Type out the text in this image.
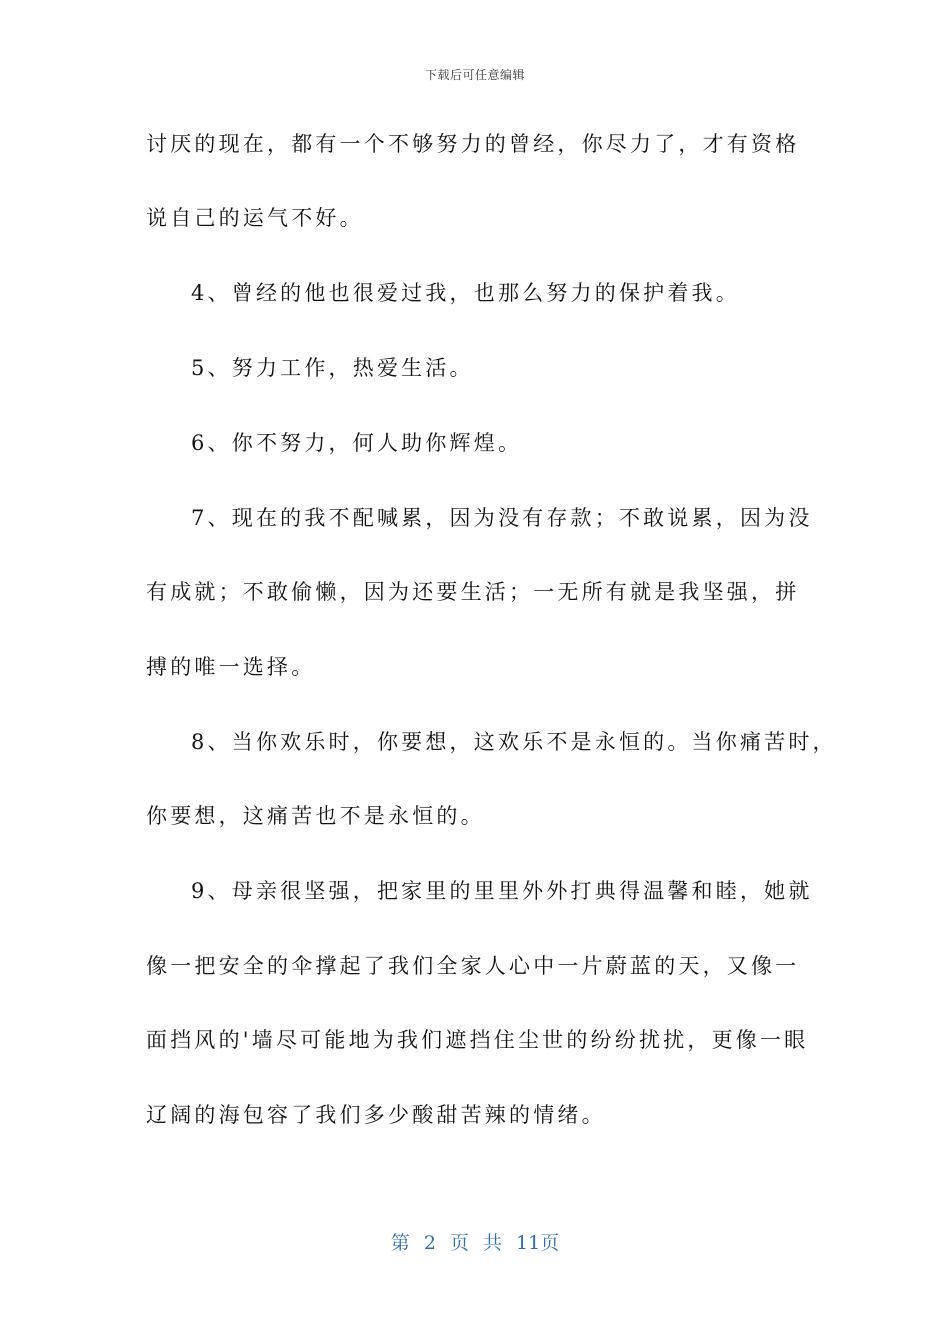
下载后可任意编辑
讨厌的现在，都有一个不够努力的曾经，你尽力了，才有资格
说自己的运气不好。
4、曾经的他也很爱过我，也那么努力的保护着我。
5、努力工作，热爱生活。
6、你不努力，何人助你辉煌。
7、现在的我不配喊累，因为没有存款；不敢说累，因为没
有成就；不敢偷懒，因为还要生活；一无所有就是我坚强，拼
搏的唯一选择。
8、当你欢乐时，你要想，这欢乐不是永恒的。当你痛苦时，
你要想，这痛苦也不是永恒的。
9、母亲很坚强，把家里的里里外外打典得温馨和睦，她就
像一把安全的伞撑起了我们全家人心中一片蔚蓝的天，又像一
面挡风的'墙尽可能地为我们遮挡住尘世的纷纷扰扰，更像一眼
辽阔的海包容了我们多少酸甜苦辣的情绪。
第 2 页 共 11页
